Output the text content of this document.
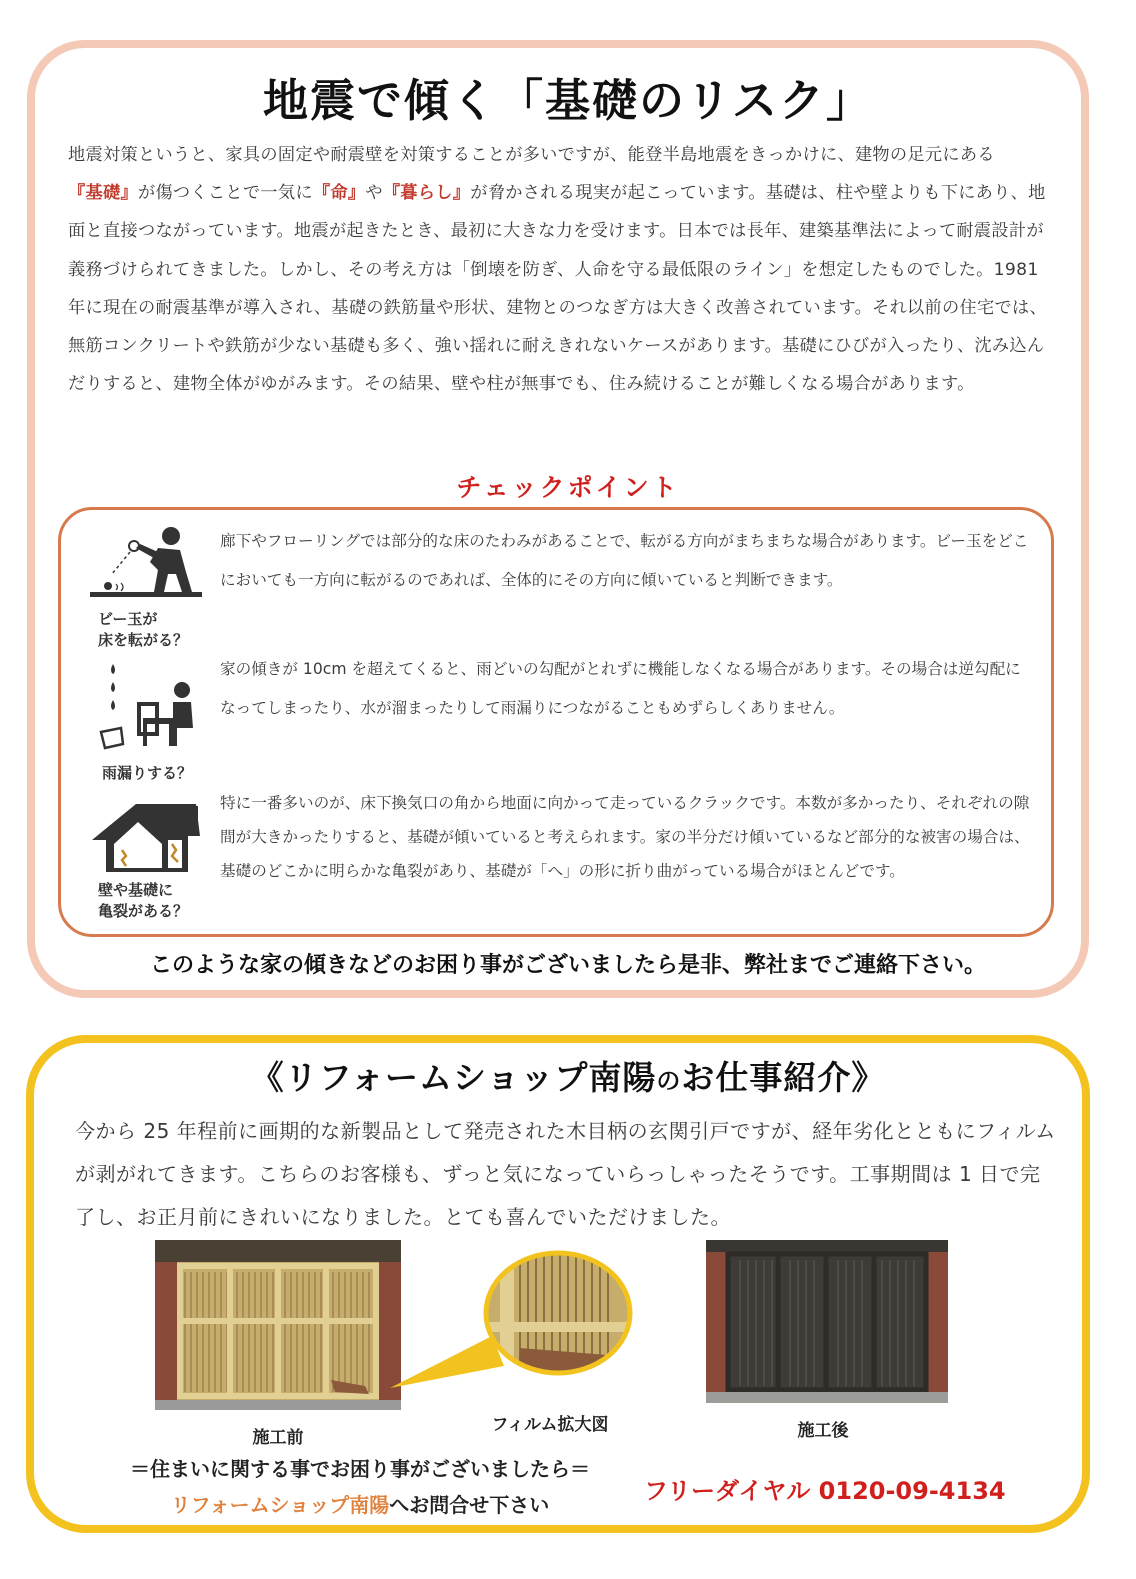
地震で傾く「基礎のリスク」
地震対策というと、家具の固定や耐震壁を対策することが多いですが、能登半島地震をきっかけに、建物の足元にある『基礎』が傷つくことで一気に『命』や『暮らし』が脅かされる現実が起こっています。基礎は、柱や壁よりも下にあり、地面と直接つながっています。地震が起きたとき、最初に大きな力を受けます。日本では長年、建築基準法によって耐震設計が義務づけられてきました。しかし、その考え方は「倒壊を防ぎ、人命を守る最低限のライン」を想定したものでした。1981 年に現在の耐震基準が導入され、基礎の鉄筋量や形状、建物とのつなぎ方は大きく改善されています。それ以前の住宅では、無筋コンクリートや鉄筋が少ない基礎も多く、強い揺れに耐えきれないケースがあります。基礎にひびが入ったり、沈み込んだりすると、建物全体がゆがみます。その結果、壁や柱が無事でも、住み続けることが難しくなる場合があります。
チェックポイント
ビー玉が
床を転がる？
廊下やフローリングでは部分的な床のたわみがあることで、転がる方向がまちまちな場合があります。ビー玉をどこにおいても一方向に転がるのであれば、全体的にその方向に傾いていると判断できます。
雨漏りする？
家の傾きが 10cm を超えてくると、雨どいの勾配がとれずに機能しなくなる場合があります。その場合は逆勾配になってしまったり、水が溜まったりして雨漏りにつながることもめずらしくありません。
壁や基礎に
亀裂がある？
特に一番多いのが、床下換気口の角から地面に向かって走っているクラックです。本数が多かったり、それぞれの隙間が大きかったりすると、基礎が傾いていると考えられます。家の半分だけ傾いているなど部分的な被害の場合は、基礎のどこかに明らかな亀裂があり、基礎が「へ」の形に折り曲がっている場合がほとんどです。
このような家の傾きなどのお困り事がございましたら是非、弊社までご連絡下さい。
《リフォームショップ南陽のお仕事紹介》
今から 25 年程前に画期的な新製品として発売された木目柄の玄関引戸ですが、経年劣化とともにフィルムが剥がれてきます。こちらのお客様も、ずっと気になっていらっしゃったそうです。工事期間は 1 日で完了し、お正月前にきれいになりました。とても喜んでいただけました。
施工前
フィルム拡大図	施工後
＝住まいに関する事でお困り事がございましたら＝
リフォームショップ南陽へお問合せ下さい	フリーダイヤル 0120-09-4134
